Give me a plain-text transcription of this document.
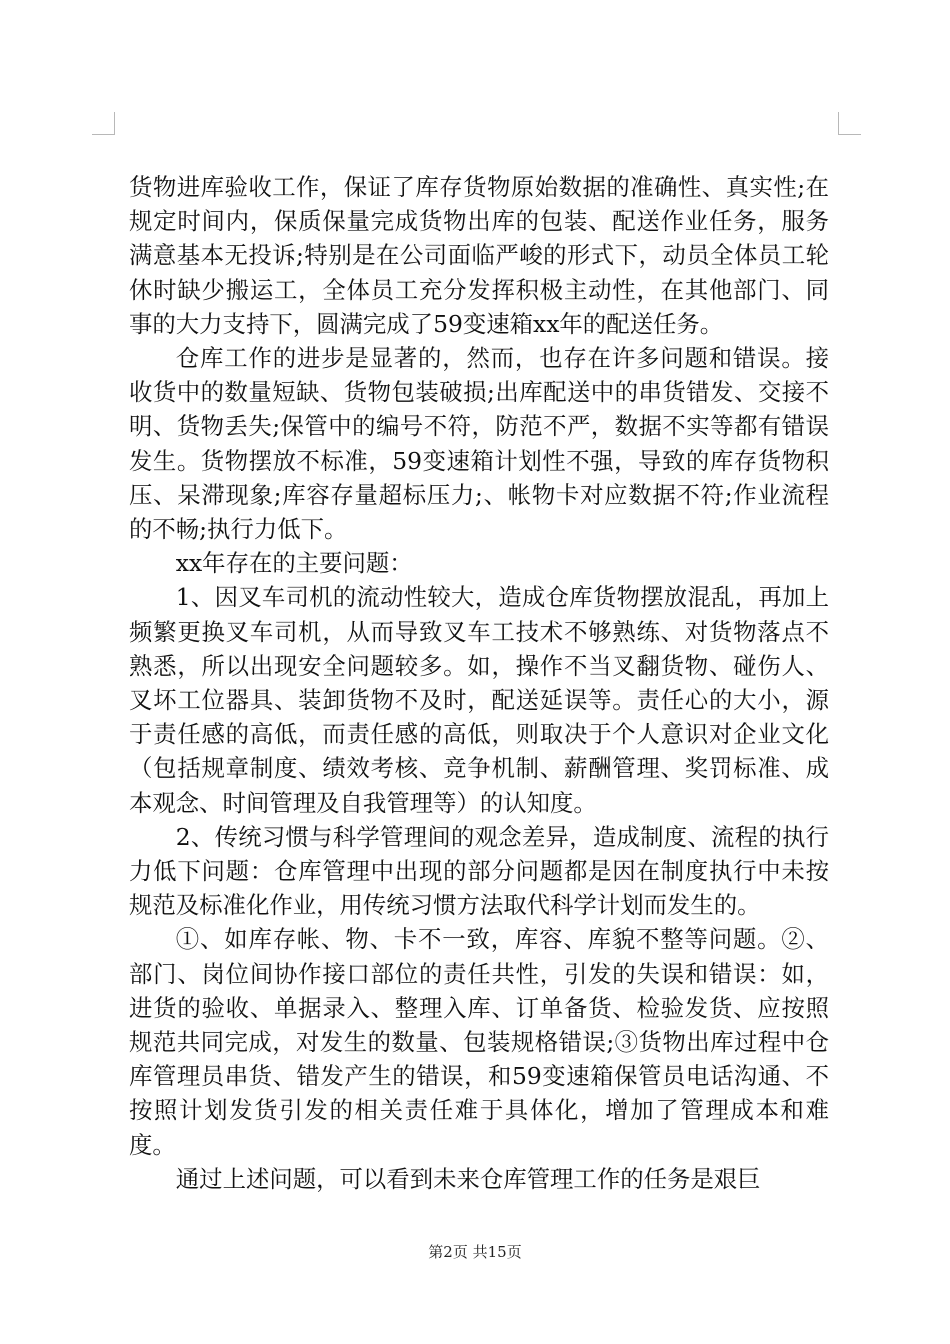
货物进库验收工作，保证了库存货物原始数据的准确性、真实性;在规定时间内，保质保量完成货物出库的包装、配送作业任务，服务满意基本无投诉;特别是在公司面临严峻的形式下，动员全体员工轮休时缺少搬运工，全体员工充分发挥积极主动性，在其他部门、同事的大力支持下，圆满完成了59变速箱xx年的配送任务。

仓库工作的进步是显著的，然而，也存在许多问题和错误。接收货中的数量短缺、货物包装破损;出库配送中的串货错发、交接不明、货物丢失;保管中的编号不符，防范不严，数据不实等都有错误发生。货物摆放不标准，59变速箱计划性不强，导致的库存货物积压、呆滞现象;库容存量超标压力;、帐物卡对应数据不符;作业流程的不畅;执行力低下。

xx年存在的主要问题：

1、因叉车司机的流动性较大，造成仓库货物摆放混乱，再加上频繁更换叉车司机，从而导致叉车工技术不够熟练、对货物落点不熟悉，所以出现安全问题较多。如，操作不当叉翻货物、碰伤人、叉坏工位器具、装卸货物不及时，配送延误等。责任心的大小，源于责任感的高低，而责任感的高低，则取决于个人意识对企业文化（包括规章制度、绩效考核、竞争机制、薪酬管理、奖罚标准、成本观念、时间管理及自我管理等）的认知度。

2、传统习惯与科学管理间的观念差异，造成制度、流程的执行力低下问题：仓库管理中出现的部分问题都是因在制度执行中未按规范及标准化作业，用传统习惯方法取代科学计划而发生的。

①、如库存帐、物、卡不一致，库容、库貌不整等问题。②、部门、岗位间协作接口部位的责任共性，引发的失误和错误：如，进货的验收、单据录入、整理入库、订单备货、检验发货、应按照规范共同完成，对发生的数量、包装规格错误;③货物出库过程中仓库管理员串货、错发产生的错误，和59变速箱保管员电话沟通、不按照计划发货引发的相关责任难于具体化，增加了管理成本和难度。

通过上述问题，可以看到未来仓库管理工作的任务是艰巨

第2页 共15页
